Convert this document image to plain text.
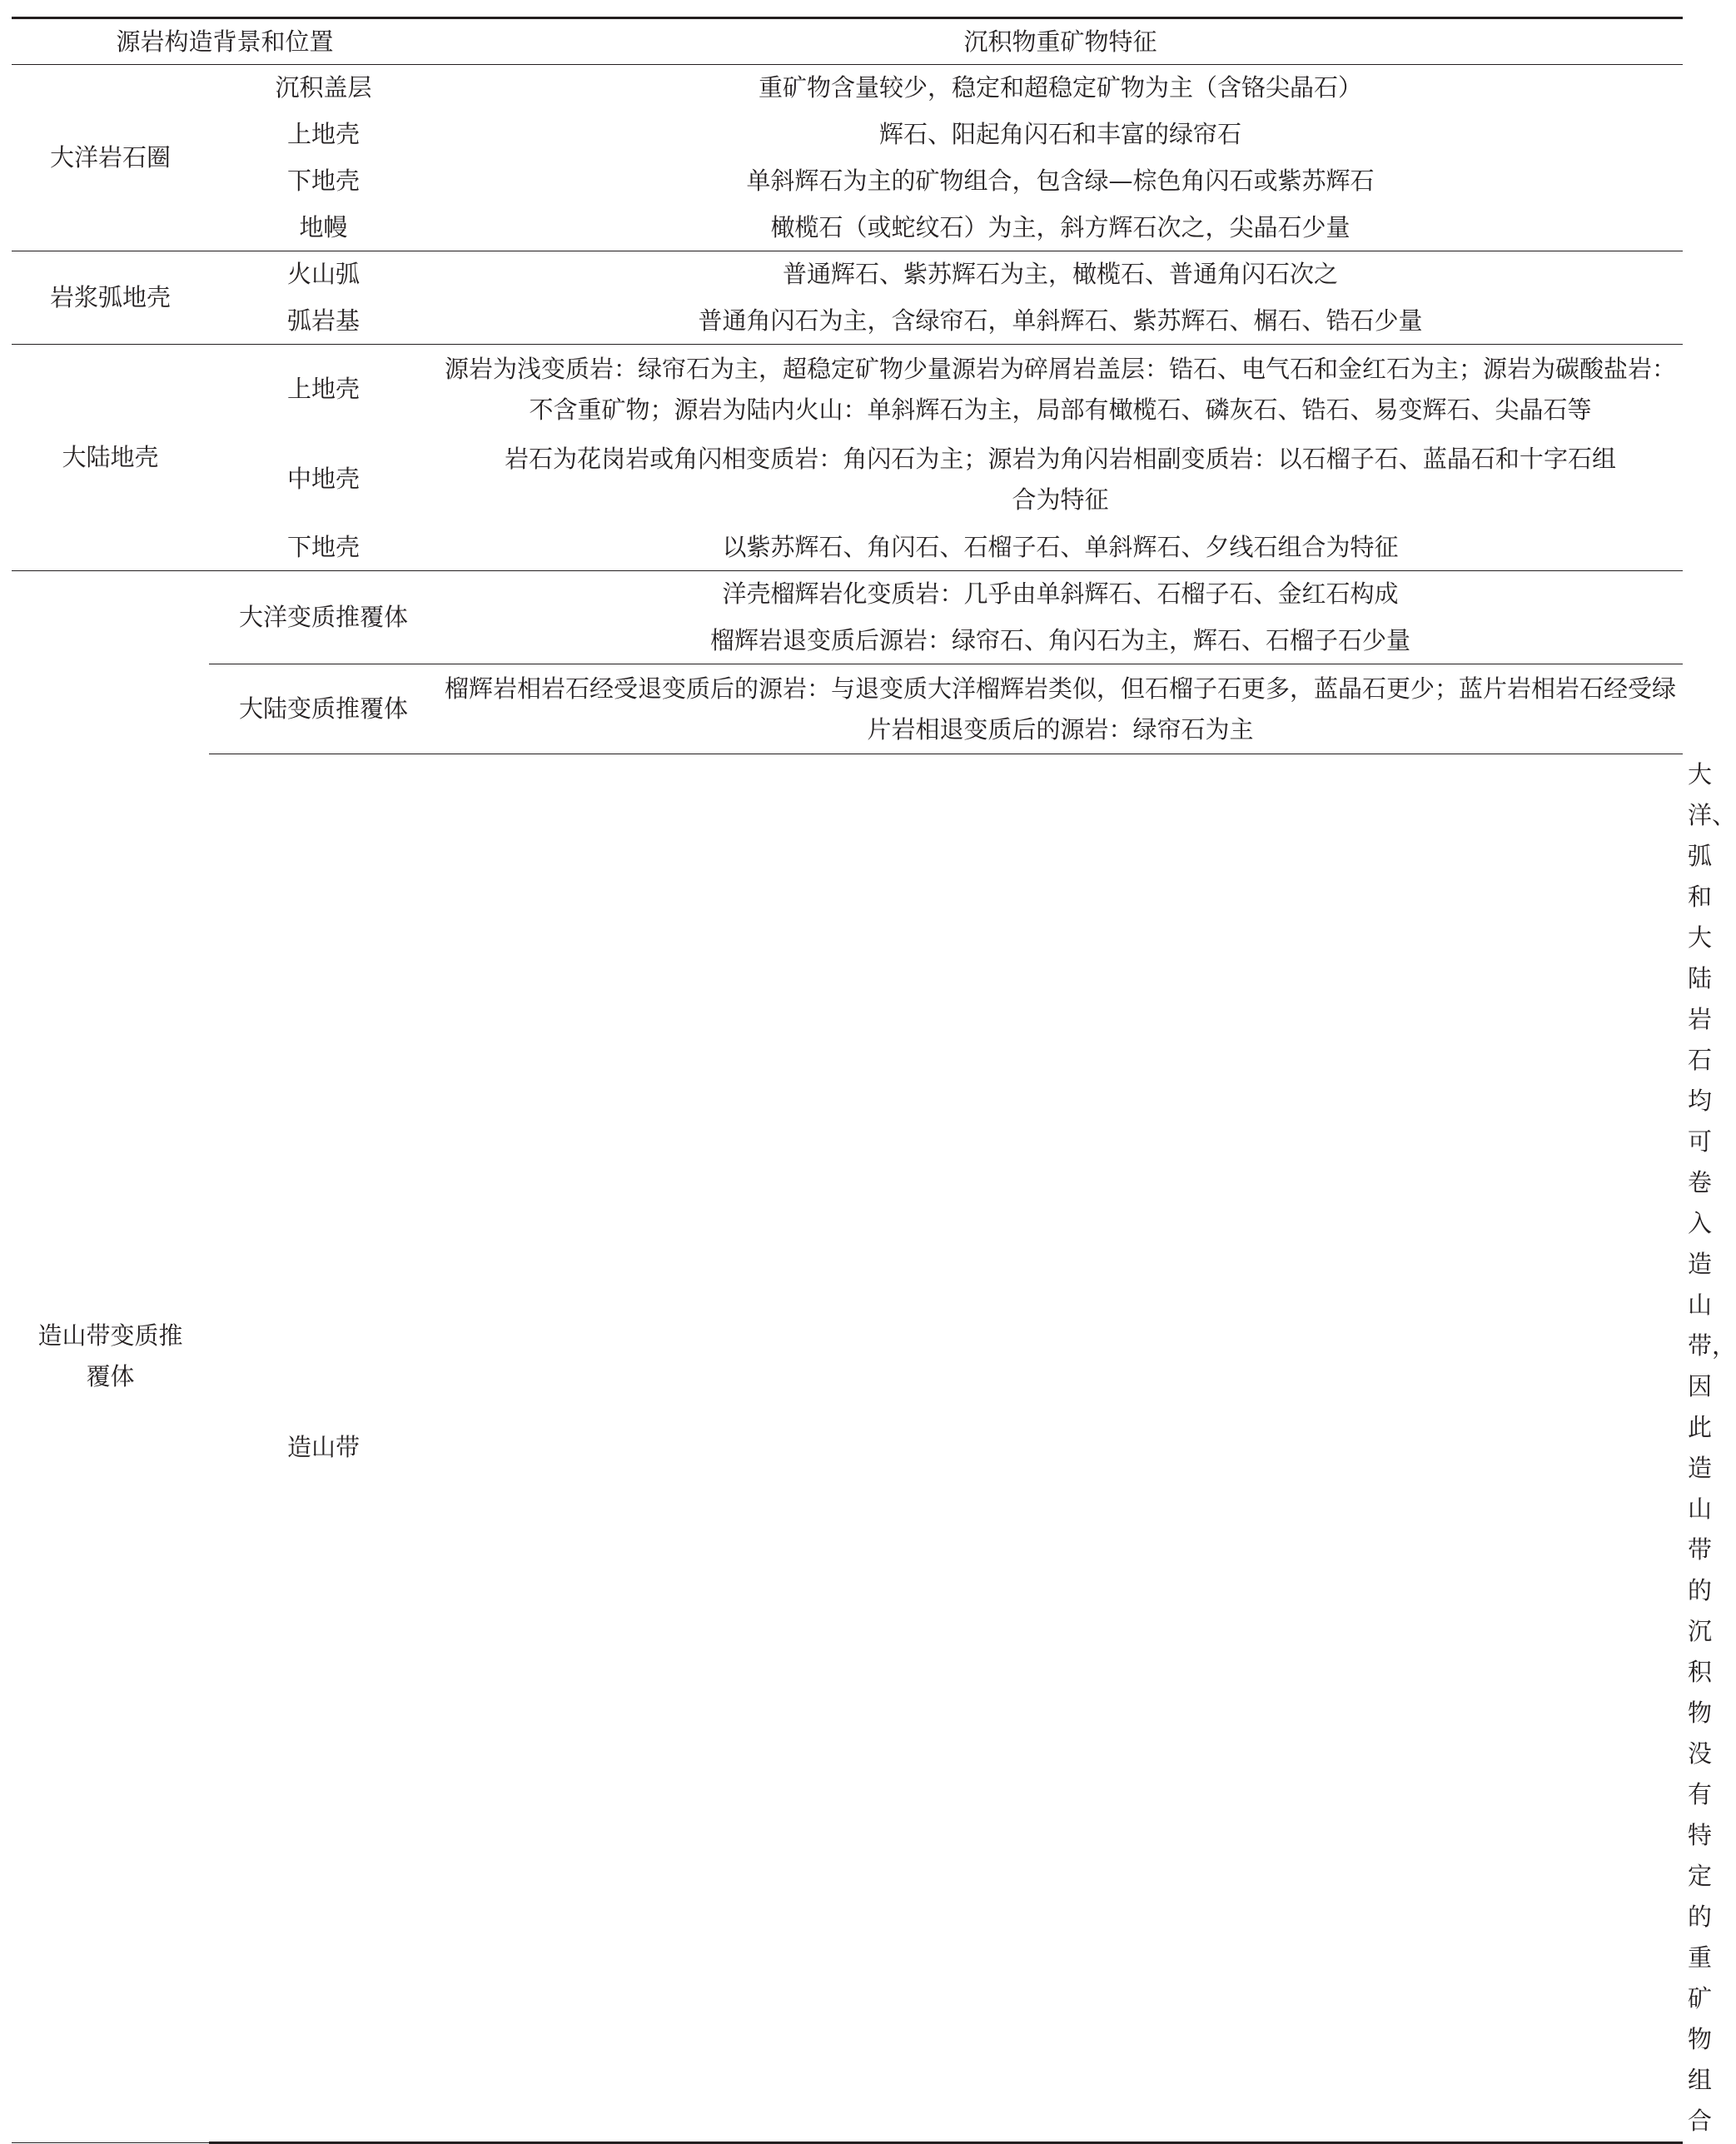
源岩构造背景和位置		沉积物重矿物特征	
大洋岩石圈	沉积盖层	重矿物含量较少，稳定和超稳定矿物为主（含铬尖晶石）	
	上地壳	辉石、阳起角闪石和丰富的绿帘石	
	下地壳	单斜辉石为主的矿物组合，包含绿—棕色角闪石或紫苏辉石	
	地幔	橄榄石（或蛇纹石）为主，斜方辉石次之，尖晶石少量	
岩浆弧地壳	火山弧	普通辉石、紫苏辉石为主，橄榄石、普通角闪石次之	
	弧岩基	普通角闪石为主，含绿帘石，单斜辉石、紫苏辉石、榍石、锆石少量	
大陆地壳	上地壳	源岩为浅变质岩：绿帘石为主，超稳定矿物少量源岩为碎屑岩盖层：锆石、电气石和金红石为主；源岩为碳酸盐岩：不含重矿物；源岩为陆内火山：单斜辉石为主，局部有橄榄石、磷灰石、锆石、易变辉石、尖晶石等	
	中地壳	岩石为花岗岩或角闪相变质岩：角闪石为主；源岩为角闪岩相副变质岩：以石榴子石、蓝晶石和十字石组合为特征	
	下地壳	以紫苏辉石、角闪石、石榴子石、单斜辉石、夕线石组合为特征	
造山带变质推覆体	大洋变质推覆体	洋壳榴辉岩化变质岩：几乎由单斜辉石、石榴子石、金红石构成	
		榴辉岩退变质后源岩：绿帘石、角闪石为主，辉石、石榴子石少量	
	大陆变质推覆体	榴辉岩相岩石经受退变质后的源岩：与退变质大洋榴辉岩类似，但石榴子石更多，蓝晶石更少；蓝片岩相岩石经受绿片岩相退变质后的源岩：绿帘石为主	
	造山带		大洋、弧和大陆岩石均可卷入造山带，因此造山带的沉积物没有特定的重矿物组合
